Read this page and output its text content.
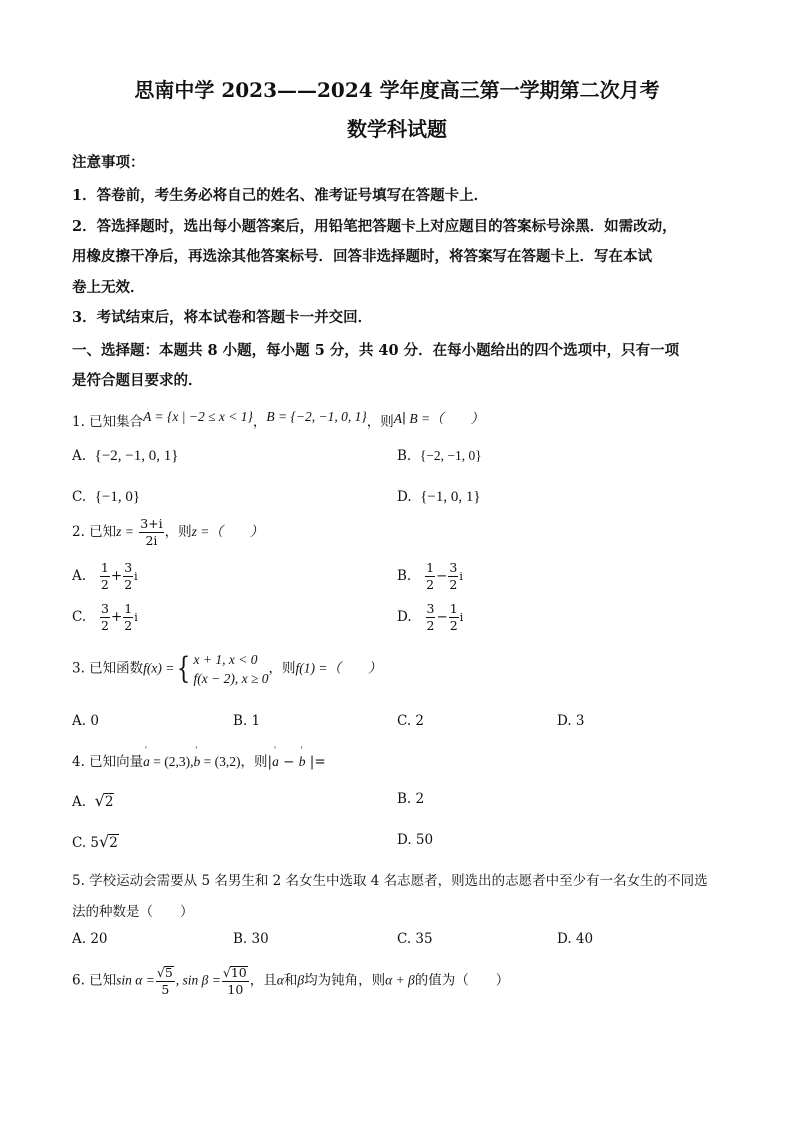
思南中学 2023——2024 学年度高三第一学期第二次月考
数学科试题
注意事项：
1．答卷前，考生务必将自己的姓名、准考证号填写在答题卡上．
2．答选择题时，选出每小题答案后，用铅笔把答题卡上对应题目的答案标号涂黑．如需改动，
用橡皮擦干净后，再选涂其他答案标号．回答非选择题时，将答案写在答题卡上．写在本试
卷上无效．
3．考试结束后，将本试卷和答题卡一并交回．
一、选择题：本题共 8 小题，每小题 5 分，共 40 分．在每小题给出的四个选项中，只有一项
是符合题目要求的．
1. 已知集合A = {x | −2 ≤ x < 1}，B = {−2, −1, 0, 1}，则A∣ B =（　　）
A. {−2, −1, 0, 1}	B. {−2, −1, 0}
C. {−1, 0}	D. {−1, 0, 1}
2. 已知$z = \frac{3+i}{2i}$ ，则z =（　　）
A. $\frac{1}{2} + \frac{3}{2}$ i	B. $\frac{1}{2} - \frac{3}{2}$ i
C. $\frac{3}{2} + \frac{1}{2}$ i	D. $\frac{3}{2} - \frac{1}{2}$ i
3. 已知函数f(x) ={ x + 1, x < 0
f(x − 2), x ≥ 0
，则f(1) =（　　）
A. 0	B. 1	C. 2	D. 3
4. 已知向量' a = (2,3),' b = (3,2)，则|' a − ' b |=
A. √2	B. 2
C. 5√2	D. 50
5. 学校运动会需要从 5 名男生和 2 名女生中选取 4 名志愿者，则选出的志愿者中至少有一名女生的不同选
法的种数是（　　）
A. 20	B. 30	C. 35	D. 40
6. 已知$\sin \alpha = \frac{√5}{5}$ , $\sin \beta = \frac{√10}{10}$ ，且α和β均为钝角，则α + β的值为（　　）
